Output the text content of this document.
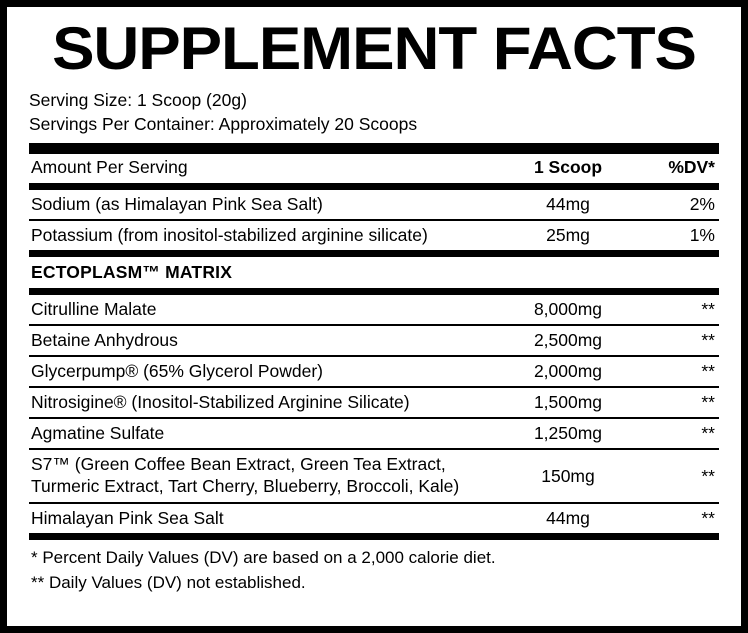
SUPPLEMENT FACTS
Serving Size: 1 Scoop (20g)
Servings Per Container: Approximately 20 Scoops
Amount Per Serving	1 Scoop	%DV*
Sodium (as Himalayan Pink Sea Salt)	44mg	2%
Potassium (from inositol-stabilized arginine silicate)	25mg	1%
ECTOPLASM™ MATRIX
Citrulline Malate	8,000mg	**
Betaine Anhydrous	2,500mg	**
Glycerpump® (65% Glycerol Powder)	2,000mg	**
Nitrosigine® (Inositol-Stabilized Arginine Silicate)	1,500mg	**
Agmatine Sulfate	1,250mg	**

S7™ (Green Coffee Bean Extract, Green Tea Extract,
Turmeric Extract, Tart Cherry, Blueberry, Broccoli, Kale)	150mg	**
Himalayan Pink Sea Salt	44mg	**
* Percent Daily Values (DV) are based on a 2,000 calorie diet.
** Daily Values (DV) not established.
